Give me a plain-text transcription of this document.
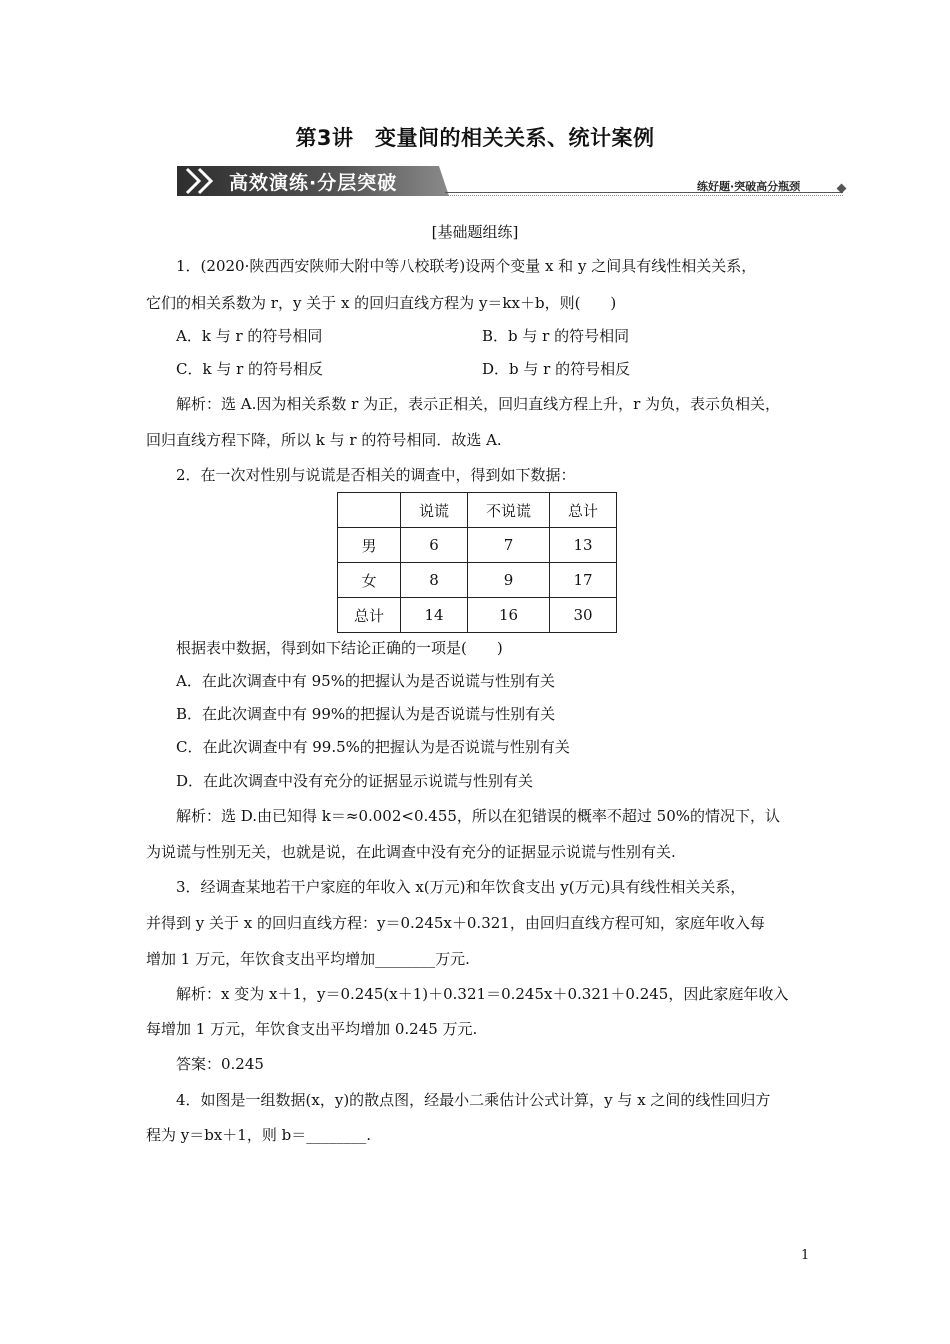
第3讲　变量间的相关关系、统计案例
高效演练·分层突破	练好题·突破高分瓶颈
[基础题组练]
1．(2020·陕西西安陕师大附中等八校联考)设两个变量 x 和 y 之间具有线性相关关系，
它们的相关系数为 r，y 关于 x 的回归直线方程为 y＝kx＋b，则(　　)
A．k 与 r 的符号相同	B．b 与 r 的符号相同
C．k 与 r 的符号相反	D．b 与 r 的符号相反
解析：选 A.因为相关系数 r 为正，表示正相关，回归直线方程上升，r 为负，表示负相关，
回归直线方程下降，所以 k 与 r 的符号相同．故选 A.
2．在一次对性别与说谎是否相关的调查中，得到如下数据：
	说谎	不说谎	总计
男	6	7	13
女	8	9	17
总计	14	16	30
根据表中数据，得到如下结论正确的一项是(　　)
A．在此次调查中有 95%的把握认为是否说谎与性别有关
B．在此次调查中有 99%的把握认为是否说谎与性别有关
C．在此次调查中有 99.5%的把握认为是否说谎与性别有关
D．在此次调查中没有充分的证据显示说谎与性别有关
解析：选 D.由已知得 k＝≈0.002<0.455，所以在犯错误的概率不超过 50%的情况下，认
为说谎与性别无关，也就是说，在此调查中没有充分的证据显示说谎与性别有关.
3．经调查某地若干户家庭的年收入 x(万元)和年饮食支出 y(万元)具有线性相关关系，
并得到 y 关于 x 的回归直线方程：y＝0.245x＋0.321，由回归直线方程可知，家庭年收入每
增加 1 万元，年饮食支出平均增加________万元.
解析：x 变为 x＋1，y＝0.245(x＋1)＋0.321＝0.245x＋0.321＋0.245，因此家庭年收入
每增加 1 万元，年饮食支出平均增加 0.245 万元.
答案：0.245
4．如图是一组数据(x，y)的散点图，经最小二乘估计公式计算，y 与 x 之间的线性回归方
程为 y＝bx＋1，则 b＝________.
1
